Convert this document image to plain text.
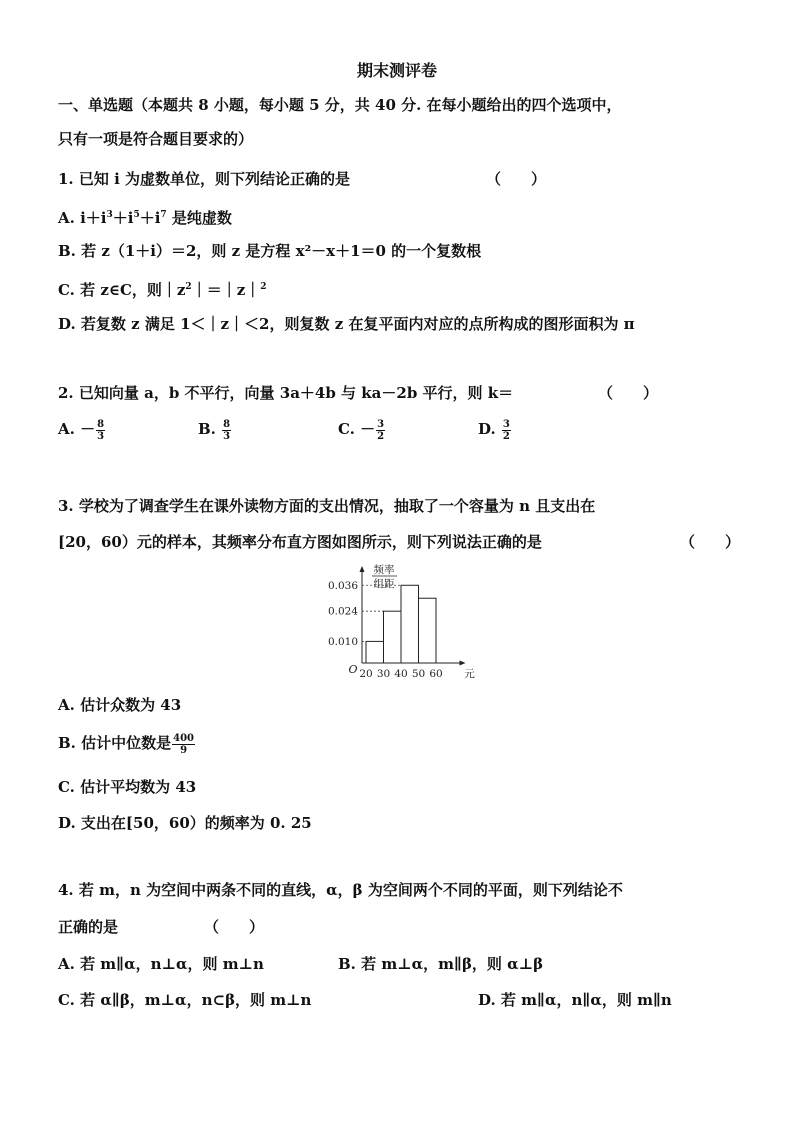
期末测评卷
一、单选题（本题共 8 小题，每小题 5 分，共 40 分. 在每小题给出的四个选项中，
只有一项是符合题目要求的）
1. 已知 i 为虚数单位，则下列结论正确的是	（　　）
A. $i+i^3+i^5+i^7$ 是纯虚数
B. 若 z（1＋i）＝2，则 z 是方程 x²－x＋1＝0 的一个复数根
C. 若 z∈C，则$|z^2|=|z|^2$
D. 若复数 z 满足 1＜｜z｜＜2，则复数 z 在复平面内对应的点所构成的图形面积为 π
2. 已知向量 a，b 不平行，向量 3a＋4b 与 ka－2b 平行，则 k＝	（　　）
A. － $\frac{8}{3}$	B. $\frac{8}{3}$	C. － $\frac{3}{2}$	D. $\frac{3}{2}$
3. 学校为了调查学生在课外读物方面的支出情况，抽取了一个容量为 n 且支出在
[20，60）元的样本，其频率分布直方图如图所示，则下列说法正确的是	（　　）
0.010
0.024
0.036
20 30 40 50 60
O	元
频率
组距
A. 估计众数为 43
B. 估计中位数是 $\frac{400}{9}$
C. 估计平均数为 43
D. 支出在[50，60）的频率为 0. 25
4. 若 m，n 为空间中两条不同的直线，α，β 为空间两个不同的平面，则下列结论不
正确的是	（　　）
A. 若 m∥α，n⊥α，则 m⊥n	B. 若 m⊥α，m∥β，则 α⊥β
C. 若 α∥β，m⊥α，n⊂β，则 m⊥n	D. 若 m∥α，n∥α，则 m∥n
